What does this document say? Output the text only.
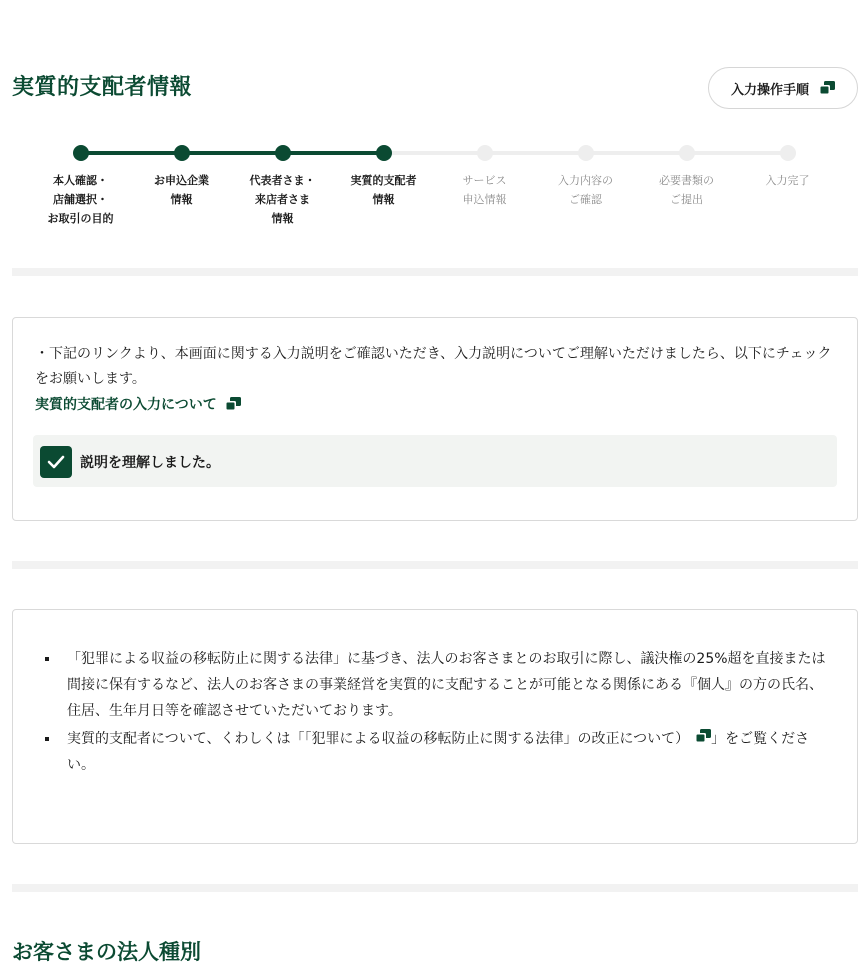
実質的支配者情報	入力操作手順
本人確認・
店舗選択・
お取引の目的
お申込企業
情報
代表者さま・
来店者さま
情報
実質的支配者
情報
サービス
申込情報
入力内容の
ご確認
必要書類の
ご提出
入力完了
・下記のリンクより、本画面に関する入力説明をご確認いただき、入力説明についてご理解いただけましたら、以下にチェックをお願いします。
実質的支配者の入力について
説明を理解しました。
「犯罪による収益の移転防止に関する法律」に基づき、法人のお客さまとのお取引に際し、議決権の25%超を直接または間接に保有するなど、法人のお客さまの事業経営を実質的に支配することが可能となる関係にある『個人』の方の氏名、住居、生年月日等を確認させていただいております。
実質的支配者について、くわしくは「「犯罪による収益の移転防止に関する法律」の改正について） 」をご覧ください。
お客さまの法人種別
